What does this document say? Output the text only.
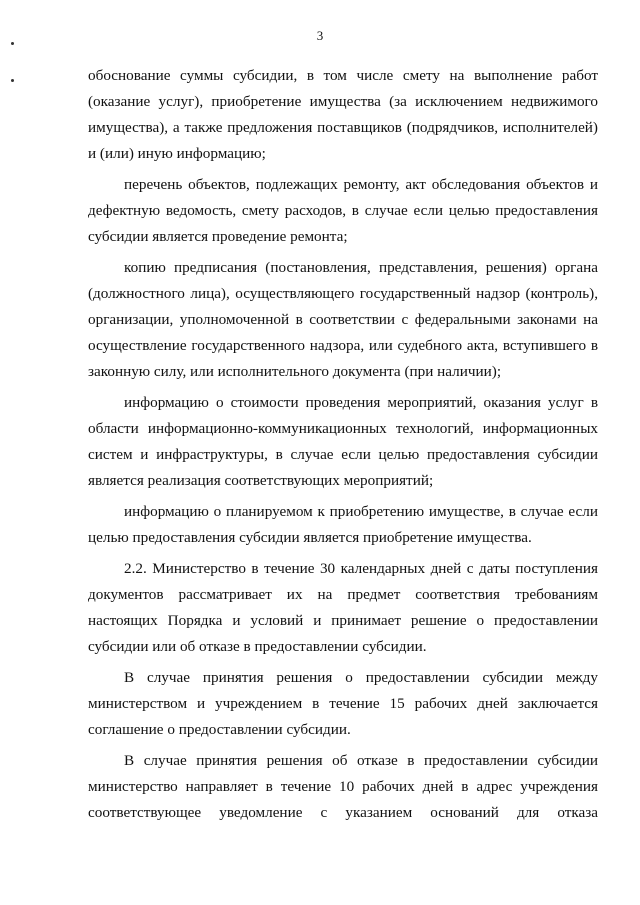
3

обоснование суммы субсидии, в том числе смету на выполнение работ (оказание услуг), приобретение имущества (за исключением недвижимого имущества), а также предложения поставщиков (подрядчиков, исполнителей) и (или) иную информацию;

перечень объектов, подлежащих ремонту, акт обследования объектов и дефектную ведомость, смету расходов, в случае если целью предоставления субсидии является проведение ремонта;

копию предписания (постановления, представления, решения) органа (должностного лица), осуществляющего государственный надзор (контроль), организации, уполномоченной в соответствии с федеральными законами на осуществление государственного надзора, или судебного акта, вступившего в законную силу, или исполнительного документа (при наличии);

информацию о стоимости проведения мероприятий, оказания услуг в области информационно-коммуникационных технологий, информационных систем и инфраструктуры, в случае если целью предоставления субсидии является реализация соответствующих мероприятий;

информацию о планируемом к приобретению имуществе, в случае если целью предоставления субсидии является приобретение имущества.

2.2. Министерство в течение 30 календарных дней с даты поступления документов рассматривает их на предмет соответствия требованиям настоящих Порядка и условий и принимает решение о предоставлении субсидии или об отказе в предоставлении субсидии.

В случае принятия решения о предоставлении субсидии между министерством и учреждением в течение 15 рабочих дней заключается соглашение о предоставлении субсидии.

В случае принятия решения об отказе в предоставлении субсидии министерство направляет в течение 10 рабочих дней в адрес учреждения соответствующее уведомление с указанием оснований для отказа
